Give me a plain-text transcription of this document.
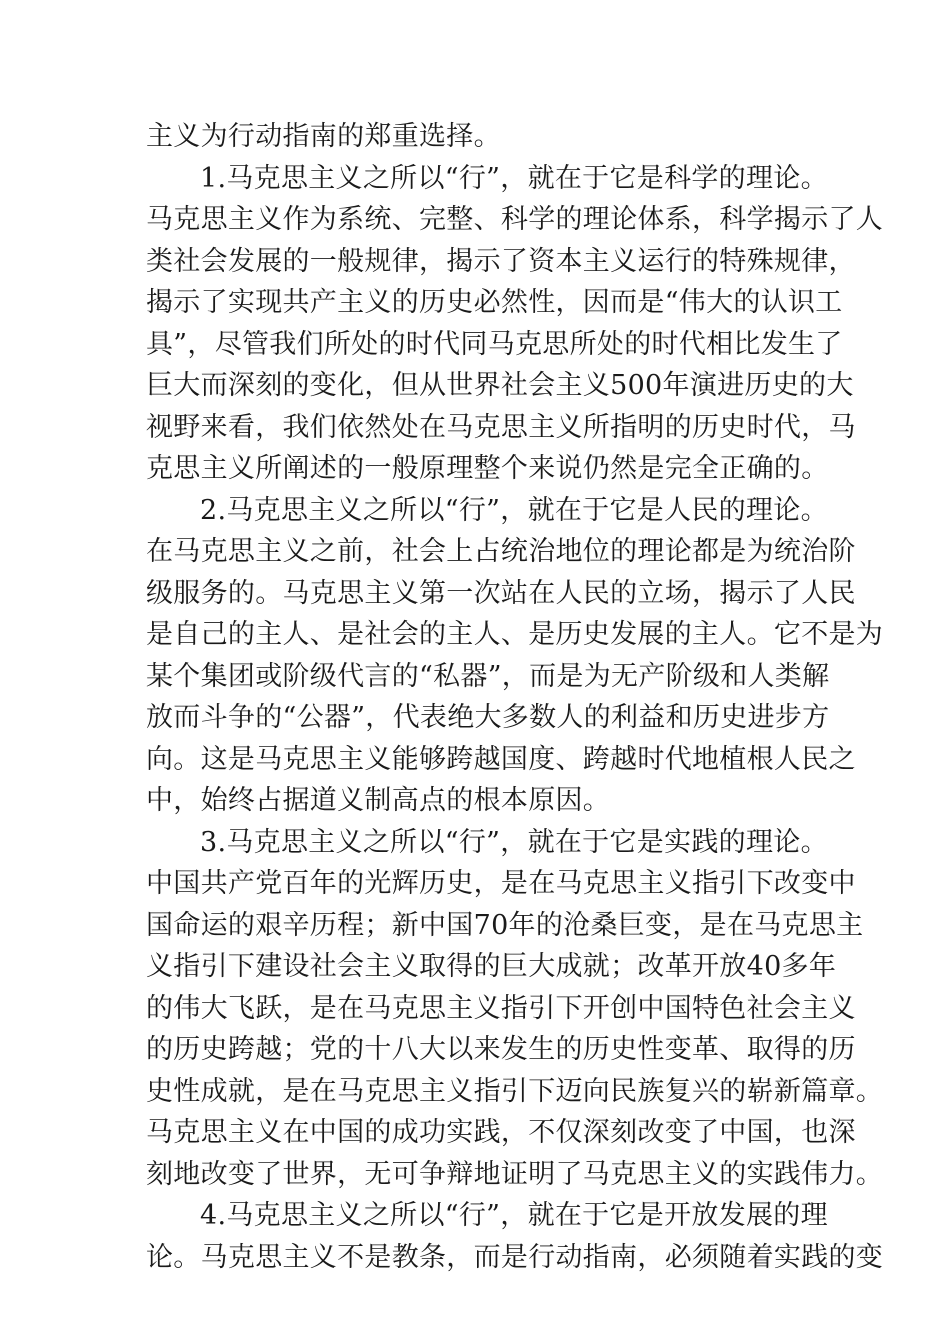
主义为行动指南的郑重选择。
1.马克思主义之所以“行”，就在于它是科学的理论。
马克思主义作为系统、完整、科学的理论体系，科学揭示了人
类社会发展的一般规律，揭示了资本主义运行的特殊规律，
揭示了实现共产主义的历史必然性，因而是“伟大的认识工
具”，尽管我们所处的时代同马克思所处的时代相比发生了
巨大而深刻的变化，但从世界社会主义500年演进历史的大
视野来看，我们依然处在马克思主义所指明的历史时代，马
克思主义所阐述的一般原理整个来说仍然是完全正确的。
2.马克思主义之所以“行”，就在于它是人民的理论。
在马克思主义之前，社会上占统治地位的理论都是为统治阶
级服务的。马克思主义第一次站在人民的立场，揭示了人民
是自己的主人、是社会的主人、是历史发展的主人。它不是为
某个集团或阶级代言的“私器”，而是为无产阶级和人类解
放而斗争的“公器”，代表绝大多数人的利益和历史进步方
向。这是马克思主义能够跨越国度、跨越时代地植根人民之
中，始终占据道义制高点的根本原因。
3.马克思主义之所以“行”，就在于它是实践的理论。
中国共产党百年的光辉历史，是在马克思主义指引下改变中
国命运的艰辛历程；新中国70年的沧桑巨变，是在马克思主
义指引下建设社会主义取得的巨大成就；改革开放40多年
的伟大飞跃，是在马克思主义指引下开创中国特色社会主义
的历史跨越；党的十八大以来发生的历史性变革、取得的历
史性成就，是在马克思主义指引下迈向民族复兴的崭新篇章。
马克思主义在中国的成功实践，不仅深刻改变了中国，也深
刻地改变了世界，无可争辩地证明了马克思主义的实践伟力。
4.马克思主义之所以“行”，就在于它是开放发展的理
论。马克思主义不是教条，而是行动指南，必须随着实践的变
